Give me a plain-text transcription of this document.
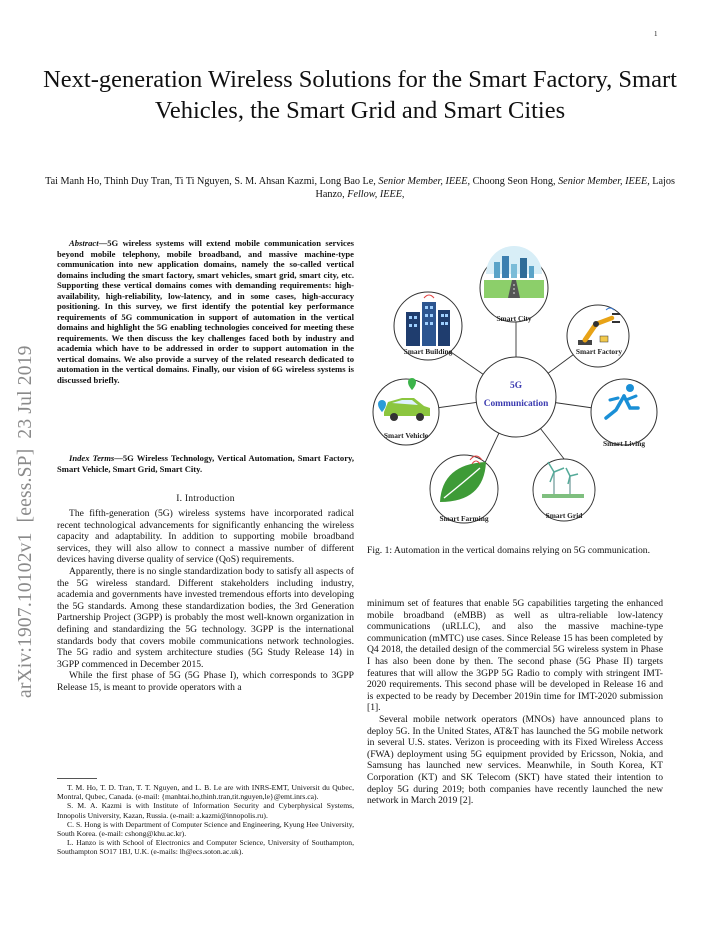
1
Next-generation Wireless Solutions for the Smart Factory, Smart Vehicles, the Smart Grid and Smart Cities
Tai Manh Ho, Thinh Duy Tran, Ti Ti Nguyen, S. M. Ahsan Kazmi, Long Bao Le, Senior Member, IEEE, Choong Seon Hong, Senior Member, IEEE, Lajos Hanzo, Fellow, IEEE,
arXiv:1907.10102v1
[eess.SP]
23 Jul 2019
Abstract—5G wireless systems will extend mobile communication services beyond mobile telephony, mobile broadband, and massive machine-type communication into new application domains, namely the so-called vertical domains including the smart factory, smart vehicles, smart grid, smart city, etc. Supporting these vertical domains comes with demanding requirements: high-availability, high-reliability, low-latency, and in some cases, high-accuracy positioning. In this survey, we first identify the potential key performance requirements of 5G communication in support of automation in the vertical domains and highlight the 5G enabling technologies conceived for meeting these requirements. We then discuss the key challenges faced both by industry and academia which have to be addressed in order to support automation in the vertical domains. We also provide a survey of the related research dedicated to automation in the vertical domains. Finally, our vision of 6G wireless systems is discussed briefly.
Index Terms—5G Wireless Technology, Vertical Automation, Smart Factory, Smart Vehicle, Smart Grid, Smart City.
I. Introduction

The fifth-generation (5G) wireless systems have incorporated radical recent technological advancements for significantly enhancing the wireless capacity and adaptability. In addition to supporting mobile broadband services, they will also allow to connect a massive number of different devices having diverse quality of service (QoS) requirements.

Apparently, there is no single standardization body to satisfy all aspects of the 5G wireless standard. Different stakeholders including industry, academia and governments have invested tremendous efforts into developing the 5G standards. Among these standardization bodies, the 3rd Generation Partnership Project (3GPP) is probably the most well-known organization in defining and standardizing the 5G technology. 3GPP is the international standards body that covers mobile communications network technologies. The 5G radio and system architecture studies (5G Study Release 14) in 3GPP commenced in December 2015.

While the first phase of 5G (5G Phase I), which corresponds to 3GPP Release 15, is meant to provide operators with a

T. M. Ho, T. D. Tran, T. T. Nguyen, and L. B. Le are with INRS-EMT, Universit du Qubec, Montral, Qubec, Canada. (e-mail: {manhtai.ho,thinh.tran,tit.nguyen,le}@emt.inrs.ca).

S. M. A. Kazmi is with Institute of Information Security and Cyberphysical Systems, Innopolis University, Kazan, Russia. (e-mail: a.kazmi@innopolis.ru).

C. S. Hong is with Department of Computer Science and Engineering, Kyung Hee University, South Korea. (e-mail: cshong@khu.ac.kr).

L. Hanzo is with School of Electronics and Computer Science, University of Southampton, Southampton SO17 1BJ, U.K. (e-mails: lh@ecs.soton.ac.uk).

5G
Communication
Smart City
Smart Factory
Smart Living
Smart Grid
Smart Farming
Smart Vehicle
Smart Building

Fig. 1: Automation in the vertical domains relying on 5G communication.

minimum set of features that enable 5G capabilities targeting the enhanced mobile broadband (eMBB) as well as ultra-reliable low-latency communications (uRLLC), and also the massive machine-type communication (mMTC) use cases. Since Release 15 has been completed by Q4 2018, the detailed design of the commercial 5G wireless system in Phase I has also been done by then. The second phase (5G Phase II) targets features that will allow the 3GPP 5G Radio to comply with stringent IMT-2020 requirements. This second phase will be developed in Release 16 and is expected to be ready by December 2019in time for IMT-2020 submission [1].

Several mobile network operators (MNOs) have announced plans to deploy 5G. In the United States, AT&T has launched the 5G mobile network in several U.S. states. Verizon is proceeding with its Fixed Wireless Access (FWA) deployment using 5G equipment provided by Ericsson, Nokia, and Samsung has launched new services. Meanwhile, in South Korea, KT Corporation (KT) and SK Telecom (SKT) have stated their intention to deploy 5G during 2019; both companies have recently launched the new network in March 2019 [2].
